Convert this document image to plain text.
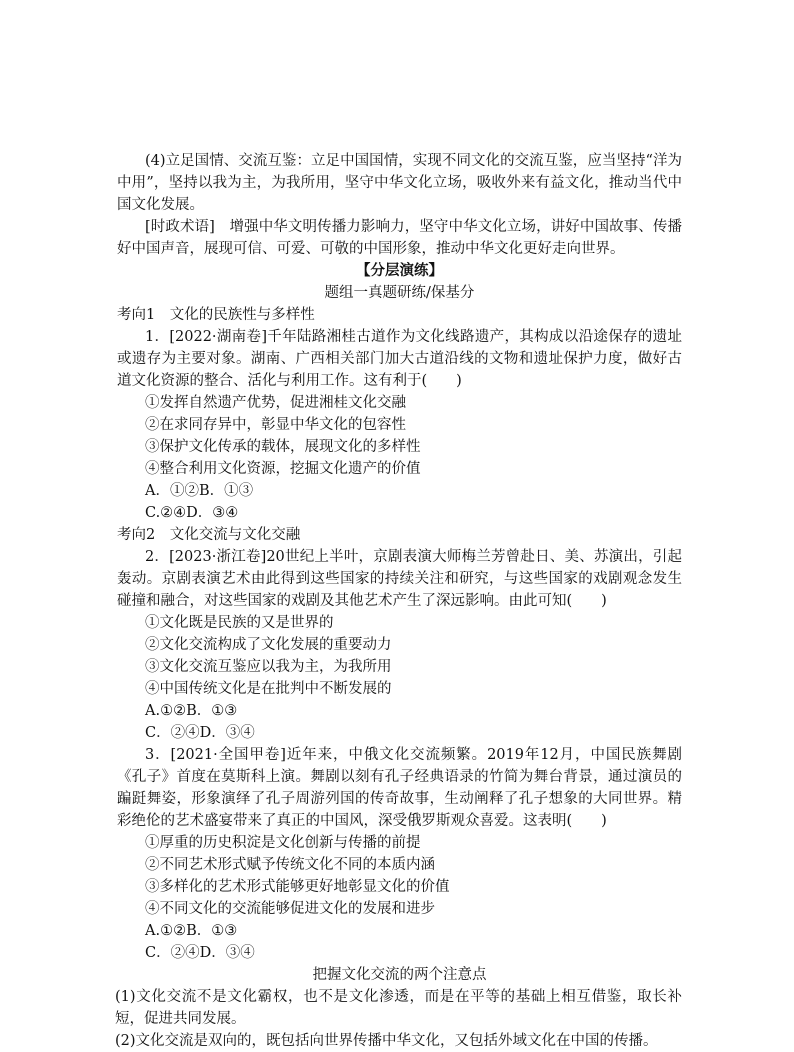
(4)立足国情、交流互鉴：立足中国国情，实现不同文化的交流互鉴，应当坚持“洋为中用”，坚持以我为主，为我所用，坚守中华文化立场，吸收外来有益文化，推动当代中国文化发展。

[时政术语]　增强中华文明传播力影响力，坚守中华文化立场，讲好中国故事、传播好中国声音，展现可信、可爱、可敬的中国形象，推动中华文化更好走向世界。

【分层演练】

题组一真题研练/保基分

考向1　文化的民族性与多样性

1．[2022·湖南卷]千年陆路湘桂古道作为文化线路遗产，其构成以沿途保存的遗址或遗存为主要对象。湖南、广西相关部门加大古道沿线的文物和遗址保护力度，做好古道文化资源的整合、活化与利用工作。这有利于(　　)

①发挥自然遗产优势，促进湘桂文化交融

②在求同存异中，彰显中华文化的包容性

③保护文化传承的载体，展现文化的多样性

④整合利用文化资源，挖掘文化遗产的价值

A．①②B．①③

C.②④D．③④

考向2　文化交流与文化交融

2．[2023·浙江卷]20世纪上半叶，京剧表演大师梅兰芳曾赴日、美、苏演出，引起轰动。京剧表演艺术由此得到这些国家的持续关注和研究，与这些国家的戏剧观念发生碰撞和融合，对这些国家的戏剧及其他艺术产生了深远影响。由此可知(　　)

①文化既是民族的又是世界的

②文化交流构成了文化发展的重要动力

③文化交流互鉴应以我为主，为我所用

④中国传统文化是在批判中不断发展的

A.①②B．①③

C．②④D．③④

3．[2021·全国甲卷]近年来，中俄文化交流频繁。2019年12月，中国民族舞剧《孔子》首度在莫斯科上演。舞剧以刻有孔子经典语录的竹简为舞台背景，通过演员的蹁跹舞姿，形象演绎了孔子周游列国的传奇故事，生动阐释了孔子想象的大同世界。精彩绝伦的艺术盛宴带来了真正的中国风，深受俄罗斯观众喜爱。这表明(　　)

①厚重的历史积淀是文化创新与传播的前提

②不同艺术形式赋予传统文化不同的本质内涵

③多样化的艺术形式能够更好地彰显文化的价值

④不同文化的交流能够促进文化的发展和进步

A.①②B．①③

C．②④D．③④

把握文化交流的两个注意点

(1)文化交流不是文化霸权，也不是文化渗透，而是在平等的基础上相互借鉴，取长补短，促进共同发展。

(2)文化交流是双向的，既包括向世界传播中华文化，又包括外域文化在中国的传播。
